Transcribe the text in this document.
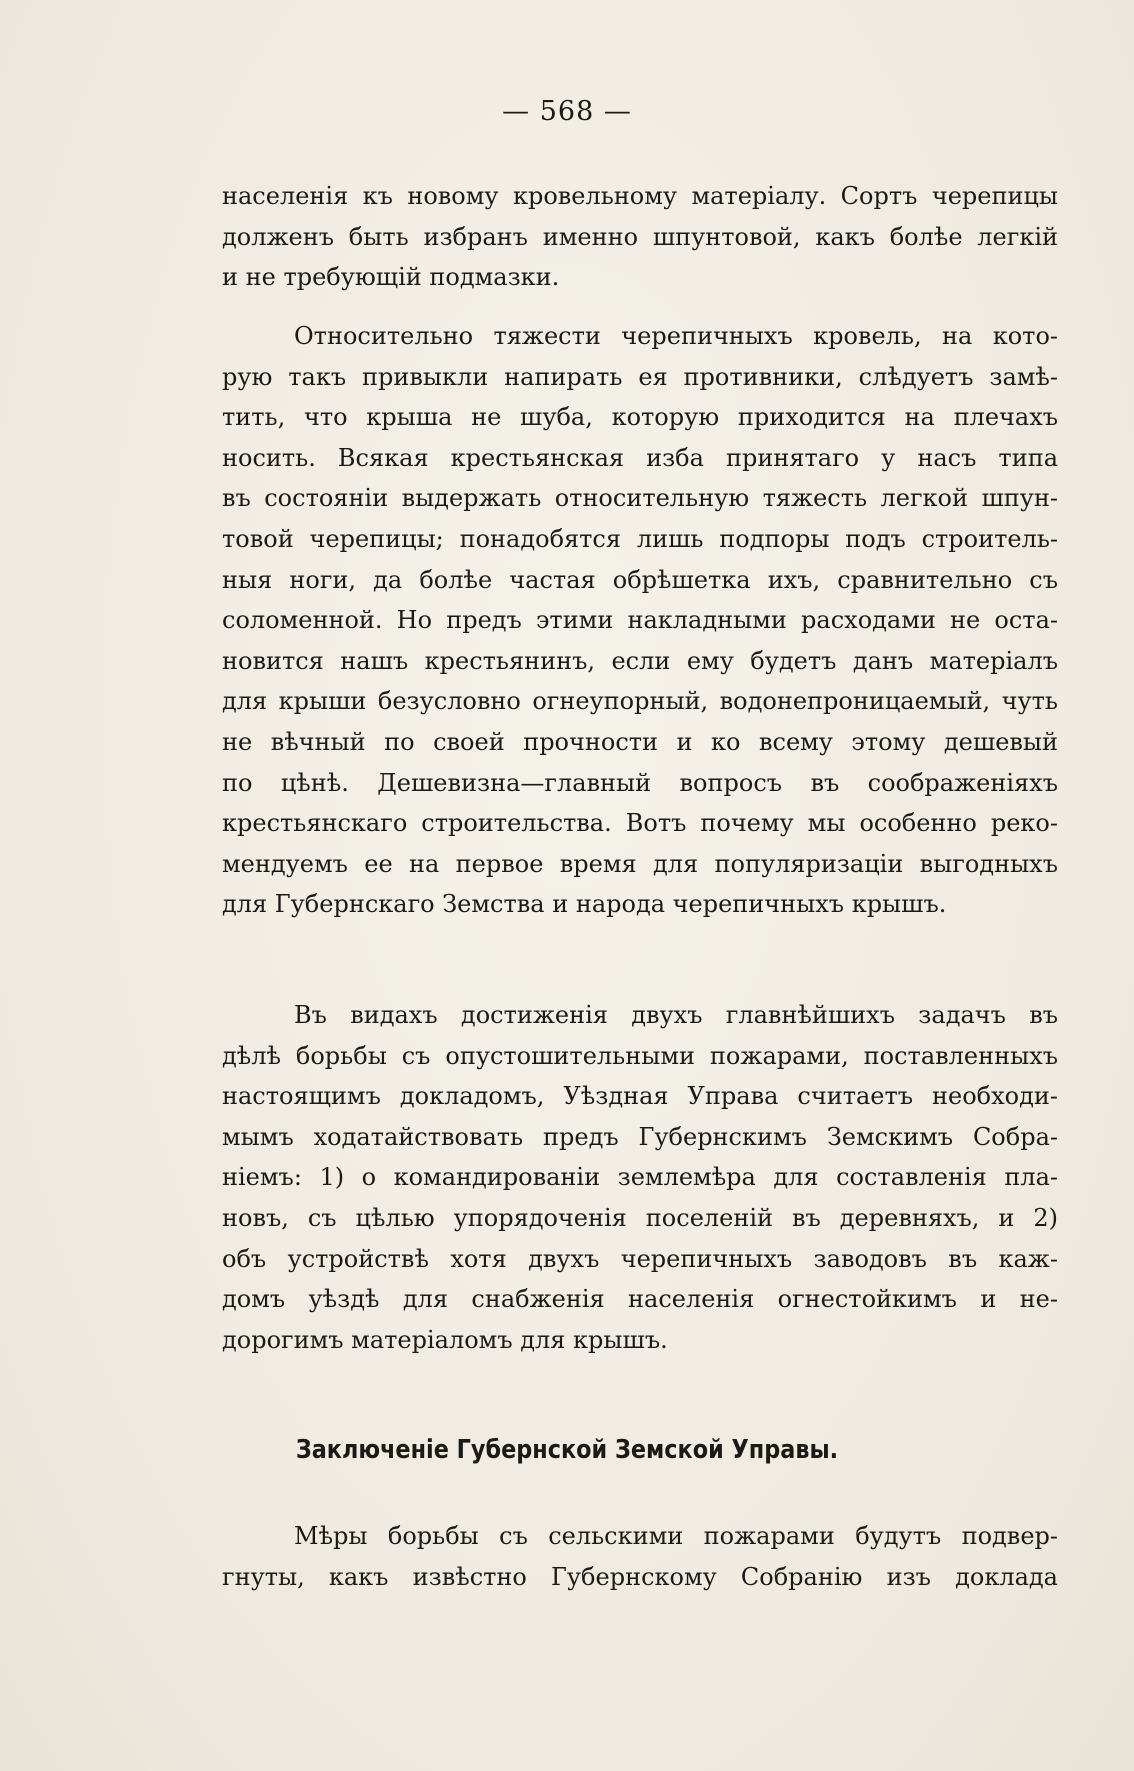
— 568 —
населенія къ новому кровельному матеріалу. Сортъ черепицы
долженъ быть избранъ именно шпунтовой, какъ болѣе легкій
и не требующій подмазки.
Относительно тяжести черепичныхъ кровель, на кото-
рую такъ привыкли напирать ея противники, слѣдуетъ замѣ-
тить, что крыша не шуба, которую приходится на плечахъ
носить. Всякая крестьянская изба принятаго у насъ типа
въ состояніи выдержать относительную тяжесть легкой шпун-
товой черепицы; понадобятся лишь подпоры подъ строитель-
ныя ноги, да болѣе частая обрѣшетка ихъ, сравнительно съ
соломенной. Но предъ этими накладными расходами не оста-
новится нашъ крестьянинъ, если ему будетъ данъ матеріалъ
для крыши безусловно огнеупорный, водонепроницаемый, чуть
не вѣчный по своей прочности и ко всему этому дешевый
по цѣнѣ. Дешевизна—главный вопросъ въ соображеніяхъ
крестьянскаго строительства. Вотъ почему мы особенно реко-
мендуемъ ее на первое время для популяризаціи выгодныхъ
для Губернскаго Земства и народа черепичныхъ крышъ.
Въ видахъ достиженія двухъ главнѣйшихъ задачъ въ
дѣлѣ борьбы съ опустошительными пожарами, поставленныхъ
настоящимъ докладомъ, Уѣздная Управа считаетъ необходи-
мымъ ходатайствовать предъ Губернскимъ Земскимъ Собра-
ніемъ: 1) о командированіи землемѣра для составленія пла-
новъ, съ цѣлью упорядоченія поселеній въ деревняхъ, и 2)
объ устройствѣ хотя двухъ черепичныхъ заводовъ въ каж-
домъ уѣздѣ для снабженія населенія огнестойкимъ и не-
дорогимъ матеріаломъ для крышъ.
Заключеніе Губернской Земской Управы.
Мѣры борьбы съ сельскими пожарами будутъ подвер-
гнуты, какъ извѣстно Губернскому Собранію изъ доклада
